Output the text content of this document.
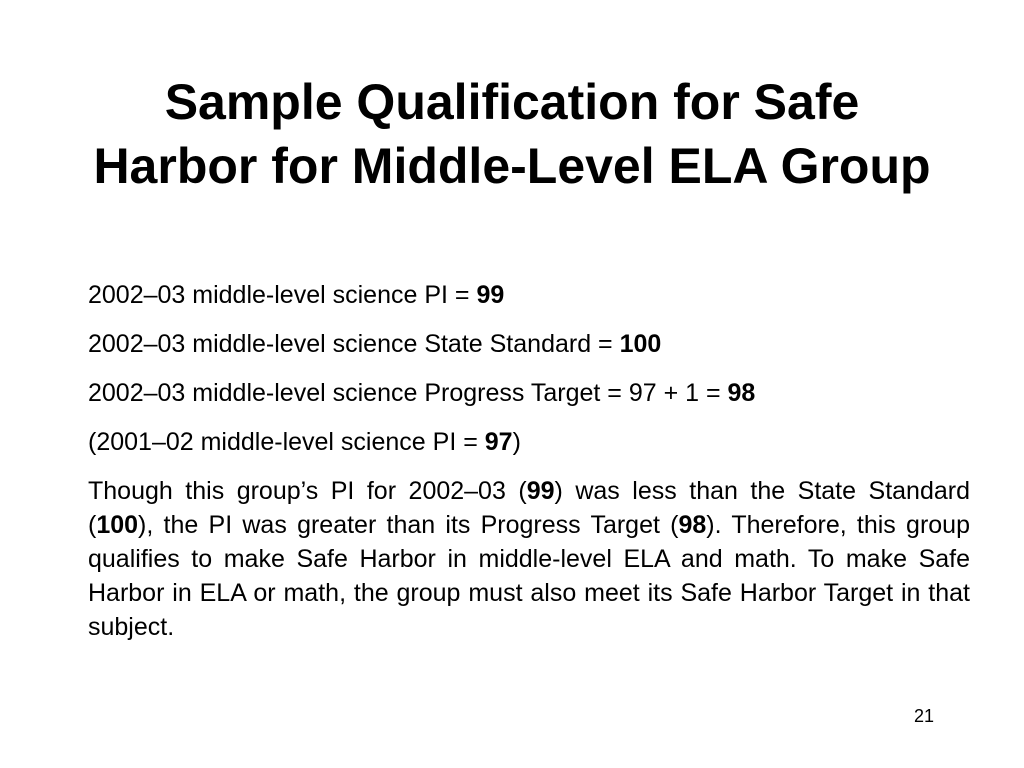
Sample Qualification for Safe
Harbor for Middle-Level ELA Group

2002–03 middle-level science PI = 99

2002–03 middle-level science State Standard = 100

2002–03 middle-level science Progress Target = 97 + 1 = 98

(2001–02 middle-level science PI = 97)

Though this group’s PI for 2002–03 (99) was less than the State Standard (100), the PI was greater than its Progress Target (98). Therefore, this group qualifies to make Safe Harbor in middle-level ELA and math. To make Safe Harbor in ELA or math, the group must also meet its Safe Harbor Target in that subject.

21
